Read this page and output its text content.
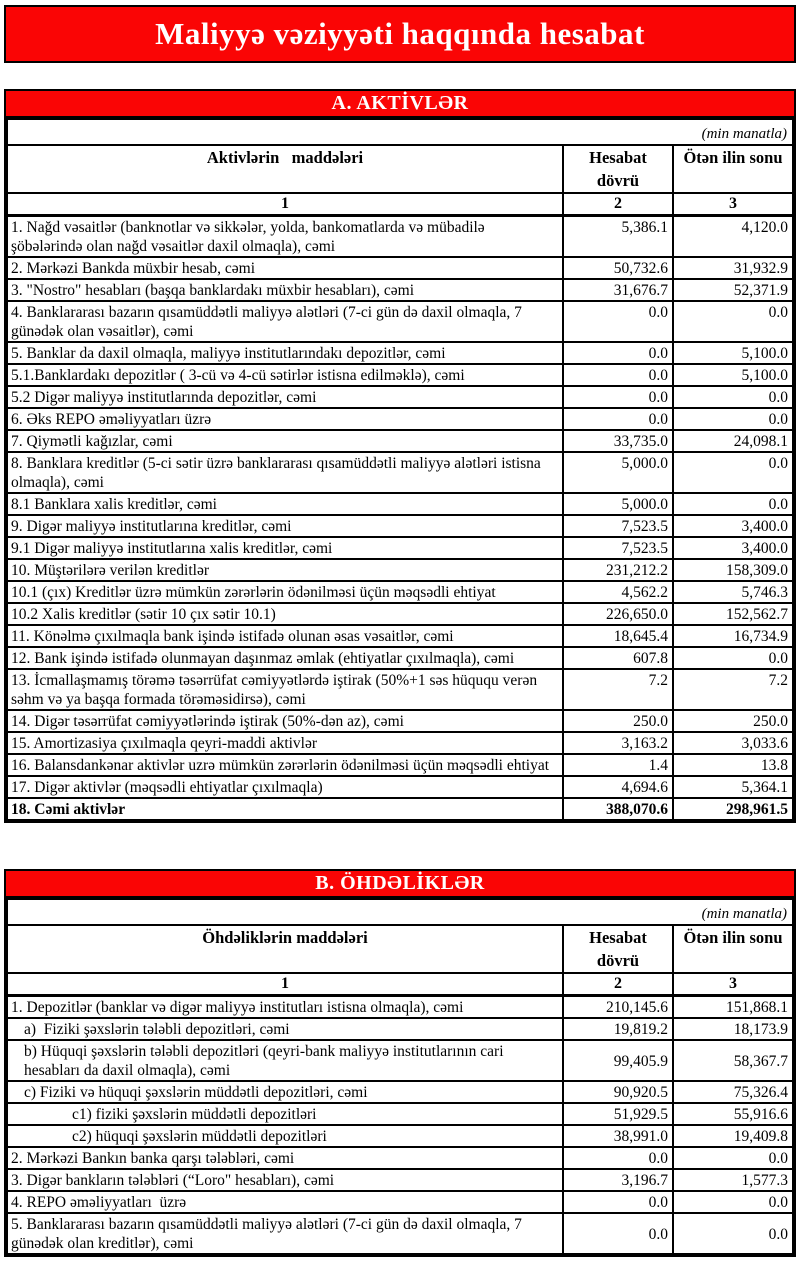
Maliyyə vəziyyəti haqqında hesabat
A. AKTİVLƏR
(min manatla)		
Aktivlərin   maddələri	Hesabat dövrü	Ötən ilin sonu
1	2	3
1. Nağd vəsaitlər (banknotlar və sikkələr, yolda, bankomatlarda və mübadilə şöbələrində olan nağd vəsaitlər daxil olmaqla), cəmi	5,386.1	4,120.0
2. Mərkəzi Bankda müxbir hesab, cəmi	50,732.6	31,932.9
3. "Nostro" hesabları (başqa banklardakı müxbir hesabları), cəmi	31,676.7	52,371.9
4. Banklararası bazarın qısamüddətli maliyyə alətləri (7-ci gün də daxil olmaqla, 7 günədək olan vəsaitlər), cəmi	0.0	0.0
5. Banklar da daxil olmaqla, maliyyə institutlarındakı depozitlər, cəmi	0.0	5,100.0
5.1.Banklardakı depozitlər ( 3-cü və 4-cü sətirlər istisna edilməklə), cəmi	0.0	5,100.0
5.2 Digər maliyyə institutlarında depozitlər, cəmi	0.0	0.0
6. Əks REPO əməliyyatları üzrə	0.0	0.0
7. Qiymətli kağızlar, cəmi	33,735.0	24,098.1
8. Banklara kreditlər (5-ci sətir üzrə banklararası qısamüddətli maliyyə alətləri istisna olmaqla), cəmi	5,000.0	0.0
8.1 Banklara xalis kreditlər, cəmi	5,000.0	0.0
9. Digər maliyyə institutlarına kreditlər, cəmi	7,523.5	3,400.0
9.1 Digər maliyyə institutlarına xalis kreditlər, cəmi	7,523.5	3,400.0
10. Müştərilərə verilən kreditlər	231,212.2	158,309.0
10.1 (çıx) Kreditlər üzrə mümkün zərərlərin ödənilməsi üçün məqsədli ehtiyat	4,562.2	5,746.3
10.2 Xalis kreditlər (sətir 10 çıx sətir 10.1)	226,650.0	152,562.7
11. Könəlmə çıxılmaqla bank işində istifadə olunan əsas vəsaitlər, cəmi	18,645.4	16,734.9
12. Bank işində istifadə olunmayan daşınmaz əmlak (ehtiyatlar çıxılmaqla), cəmi	607.8	0.0
13. İcmallaşmamış törəmə təsərrüfat cəmiyyətlərdə iştirak (50%+1 səs hüququ verən səhm və ya başqa formada törəməsidirsə), cəmi	7.2	7.2
14. Digər təsərrüfat cəmiyyətlərində iştirak (50%-dən az), cəmi	250.0	250.0
15. Amortizasiya çıxılmaqla qeyri-maddi aktivlər	3,163.2	3,033.6
16. Balansdankənar aktivlər uzrə mümkün zərərlərin ödənilməsi üçün məqsədli ehtiyat	1.4	13.8
17. Digər aktivlər (məqsədli ehtiyatlar çıxılmaqla)	4,694.6	5,364.1
18. Cəmi aktivlər	388,070.6	298,961.5
B. ÖHDƏLİKLƏR
(min manatla)		
Öhdəliklərin maddələri	Hesabat dövrü	Ötən ilin sonu
1	2	3
1. Depozitlər (banklar və digər maliyyə institutları istisna olmaqla), cəmi	210,145.6	151,868.1
a)  Fiziki şəxslərin tələbli depozitləri, cəmi	19,819.2	18,173.9
b) Hüquqi şəxslərin tələbli depozitləri (qeyri-bank maliyyə institutlarının cari hesabları da daxil olmaqla), cəmi	99,405.9	58,367.7
c) Fiziki və hüquqi şəxslərin müddətli depozitləri, cəmi	90,920.5	75,326.4
c1) fiziki şəxslərin müddətli depozitləri	51,929.5	55,916.6
c2) hüquqi şəxslərin müddətli depozitləri	38,991.0	19,409.8
2. Mərkəzi Bankın banka qarşı tələbləri, cəmi	0.0	0.0
3. Digər bankların tələbləri (“Loro" hesabları), cəmi	3,196.7	1,577.3
4. REPO əməliyyatları  üzrə	0.0	0.0
5. Banklararası bazarın qısamüddətli maliyyə alətləri (7-ci gün də daxil olmaqla, 7 günədək olan kreditlər), cəmi	0.0	0.0
